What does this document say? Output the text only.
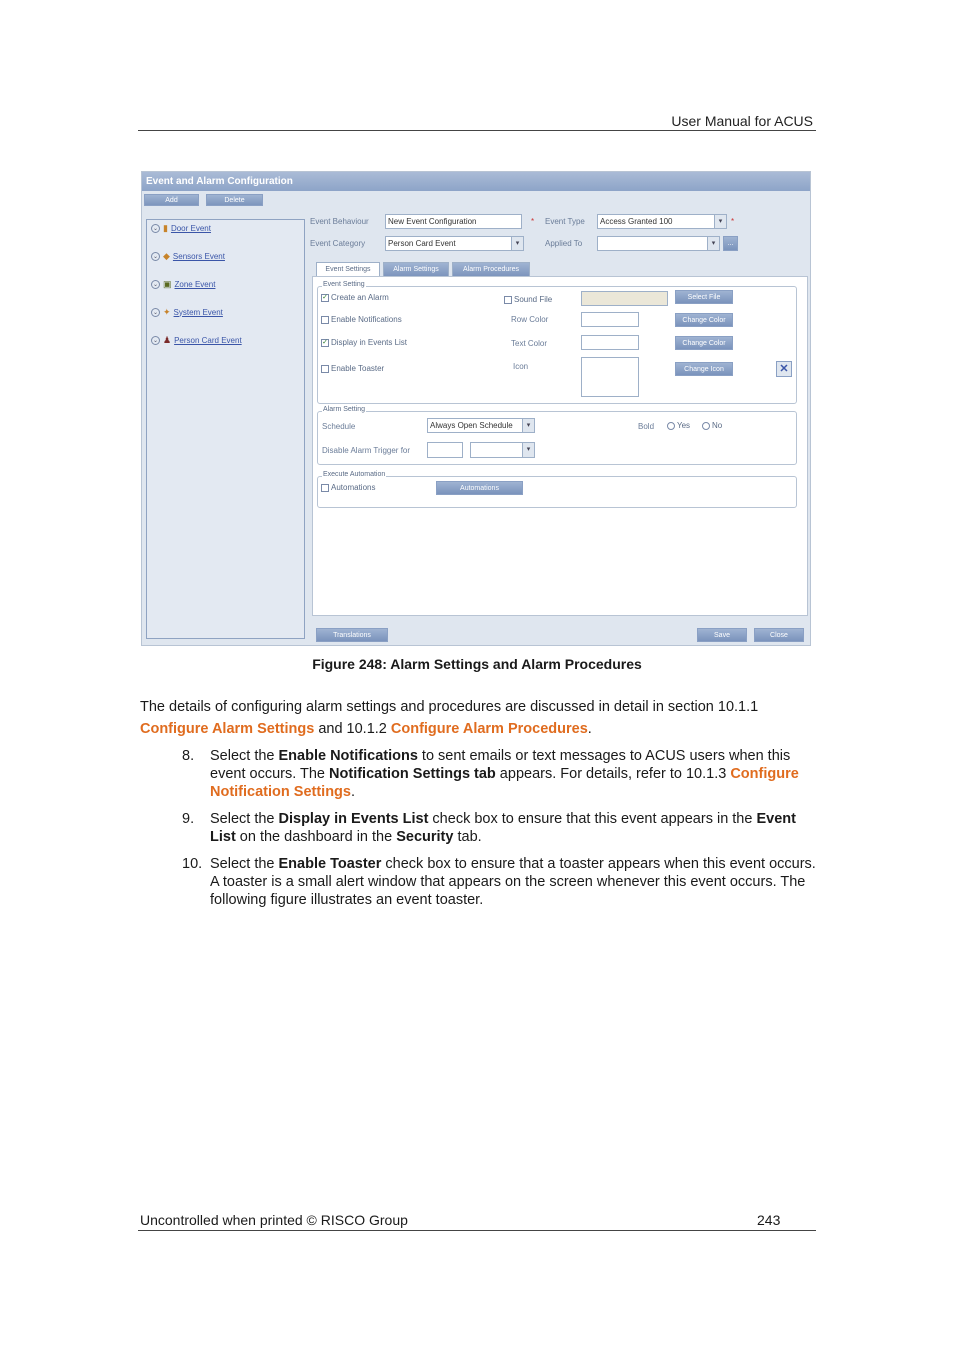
User Manual for ACUS
Event and Alarm Configuration
Add	Delete
⌄ ▮ Door Event
⌄ ◆ Sensors Event
⌄ ▣ Zone Event
⌄ ✦ System Event
⌄ ♟ Person Card Event
Event Behaviour	New Event Configuration	* Event Type	Access Granted 100	▾	*
Event Category	Person Card Event	▾	Applied To	▾	...
Event Settings	Alarm Settings	Alarm Procedures
Event Setting
✓ Create an Alarm
Enable Notifications
✓ Display in Events List
Enable Toaster
Sound File	Select File
Row Color	Change Color
Text Color	Change Color
Icon	Change Icon	✕
Alarm Setting
Schedule	Always Open Schedule	▾	Bold	Yes	No
Disable Alarm Trigger for	▾
Execute Automation
Automations	Automations
Translations	Save	Close
Figure 248: Alarm Settings and Alarm Procedures
The details of configuring alarm settings and procedures are discussed in detail in section 10.1.1 Configure Alarm Settings and 10.1.2 Configure Alarm Procedures.
8. Select the Enable Notifications to sent emails or text messages to ACUS users when this event occurs. The Notification Settings tab appears. For details, refer to 10.1.3 Configure Notification Settings.
9. Select the Display in Events List check box to ensure that this event appears in the Event List on the dashboard in the Security tab.
10. Select the Enable Toaster check box to ensure that a toaster appears when this event occurs. A toaster is a small alert window that appears on the screen whenever this event occurs. The following figure illustrates an event toaster.
Uncontrolled when printed © RISCO Group	243
